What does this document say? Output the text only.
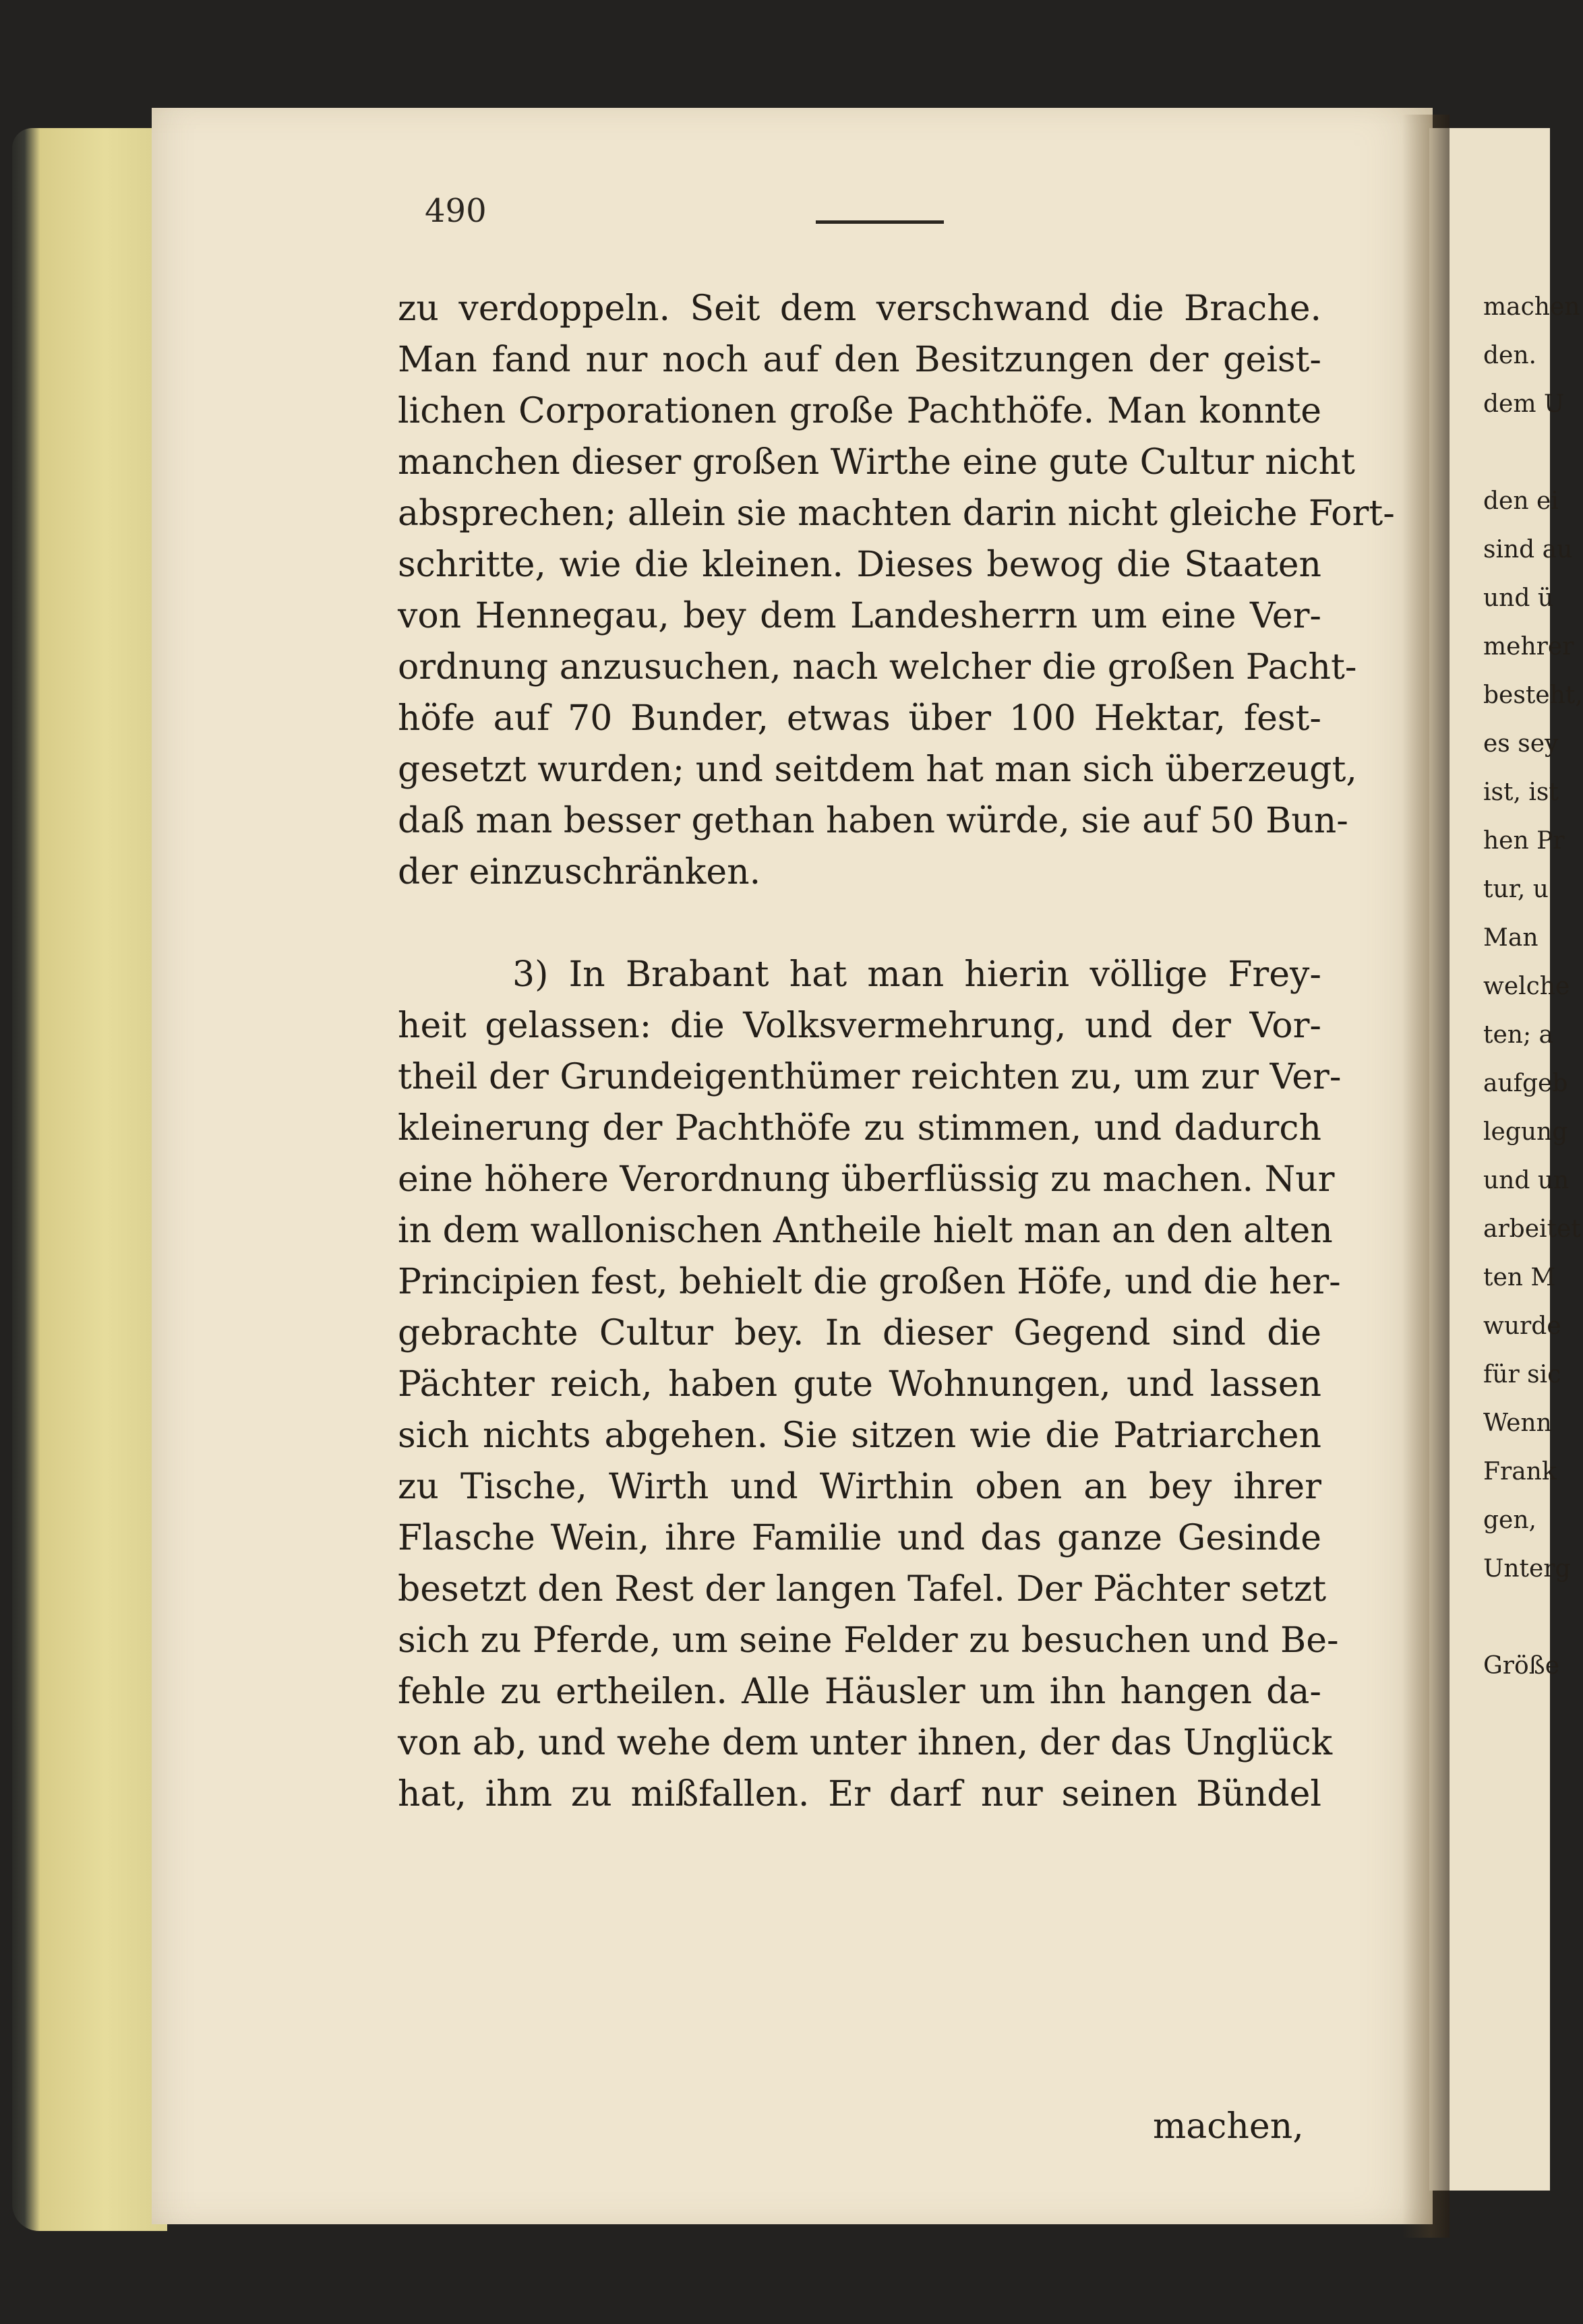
490
zu verdoppeln. Seit dem verschwand die Brache.
Man fand nur noch auf den Besitzungen der geist-
lichen Corporationen große Pachthöfe. Man konnte
manchen dieser großen Wirthe eine gute Cultur nicht
absprechen; allein sie machten darin nicht gleiche Fort-
schritte, wie die kleinen. Dieses bewog die Staaten
von Hennegau, bey dem Landesherrn um eine Ver-
ordnung anzusuchen, nach welcher die großen Pacht-
höfe auf 70 Bunder, etwas über 100 Hektar, fest-
gesetzt wurden; und seitdem hat man sich überzeugt,
daß man besser gethan haben würde, sie auf 50 Bun-
der einzuschränken.
3) In Brabant hat man hierin völlige Frey-
heit gelassen: die Volksvermehrung, und der Vor-
theil der Grundeigenthümer reichten zu, um zur Ver-
kleinerung der Pachthöfe zu stimmen, und dadurch
eine höhere Verordnung überflüssig zu machen. Nur
in dem wallonischen Antheile hielt man an den alten
Principien fest, behielt die großen Höfe, und die her-
gebrachte Cultur bey. In dieser Gegend sind die
Pächter reich, haben gute Wohnungen, und lassen
sich nichts abgehen. Sie sitzen wie die Patriarchen
zu Tische, Wirth und Wirthin oben an bey ihrer
Flasche Wein, ihre Familie und das ganze Gesinde
besetzt den Rest der langen Tafel. Der Pächter setzt
sich zu Pferde, um seine Felder zu besuchen und Be-
fehle zu ertheilen. Alle Häusler um ihn hangen da-
von ab, und wehe dem unter ihnen, der das Unglück
hat, ihm zu mißfallen. Er darf nur seinen Bündel
machen,
machen
den.
dem U
den ei
sind au
und ü
mehrer
besteht,
es sey
ist, ist
hen Pr
tur, u
Man
welche
ten; a
aufgeb
legung
und un
arbeitet
ten M
wurde
für sic
Wenn
Frank
gen,
Unterg
Größe
